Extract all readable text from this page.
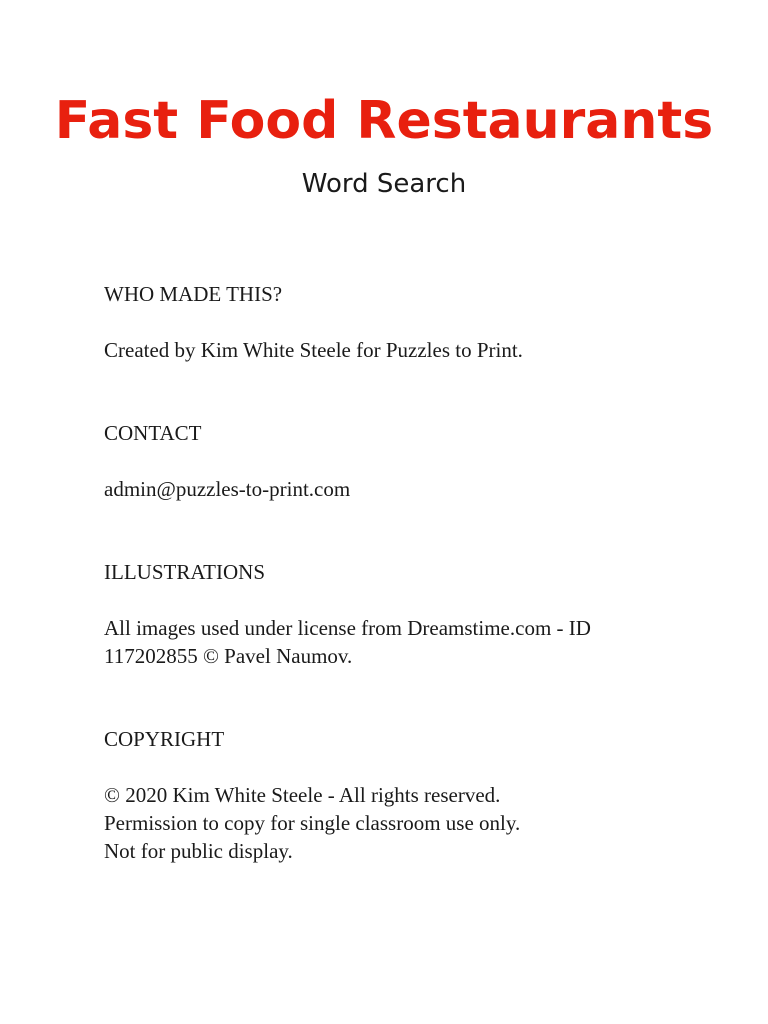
Fast Food Restaurants
Word Search

WHO MADE THIS?

Created by Kim White Steele for Puzzles to Print.

CONTACT

admin@puzzles-to-print.com

ILLUSTRATIONS

All images used under license from Dreamstime.com - ID
117202855 © Pavel Naumov.

COPYRIGHT

© 2020 Kim White Steele - All rights reserved.
Permission to copy for single classroom use only.
Not for public display.
